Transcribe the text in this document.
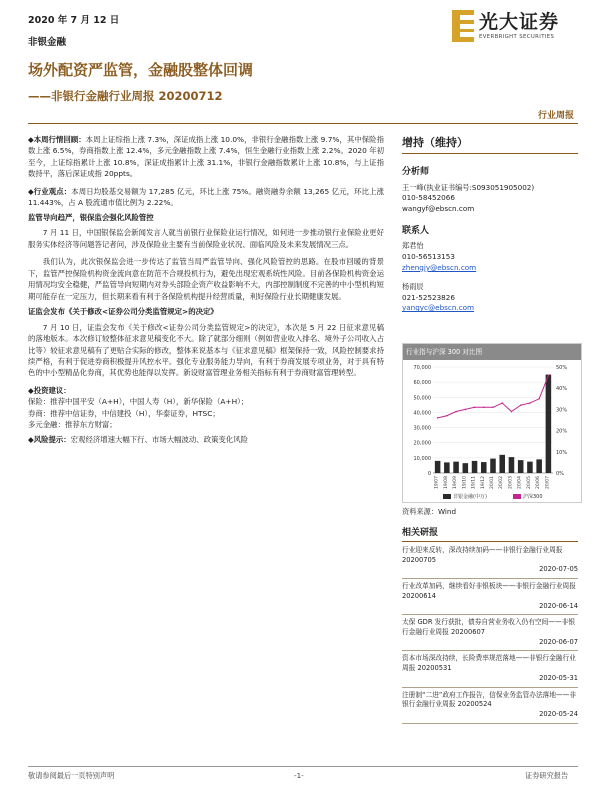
2020 年 7 月 12 日
非银金融
光大证券
EVERBRIGHT SECURITIES
场外配资严监管，金融股整体回调
——非银行金融行业周报 20200712
行业周报

◆本周行情回顾：本周上证综指上涨 7.3%，深证成指上涨 10.0%，非银行金融指数上涨 9.7%，其中保险指数上涨 6.5%，券商指数上涨 12.4%，多元金融指数上涨 7.4%，恒生金融行业指数上涨 2.2%。2020 年初至今，上证综指累计上涨 10.8%，深证成指累计上涨 31.1%，非银行金融指数累计上涨 10.8%，与上证指数持平，落后深证成指 20ppts。

◆行业观点：本周日均股基交易额为 17,285 亿元，环比上涨 75%。融资融券余额 13,265 亿元，环比上涨 11.443%，占 A 股流通市值比例为 2.22%。

监管导向趋严，银保监会强化风险管控

7 月 11 日，中国银保监会新闻发言人就当前银行业保险业运行情况，如何进一步推动银行业保险业更好服务实体经济等问题答记者问，涉及保险业主要有当前保险业状况、面临风险及未来发展情况三点。

我们认为，此次银保监会进一步传达了监管当局严监管导向、强化风险管控的思路。在股市回暖的背景下，监管严控保险机构资金流向意在防范不合规投机行为，避免出现宏观系统性风险。目前各保险机构资金运用情况均安全稳健，严监管导向短期内对券头部险企资产收益影响不大，内部控制制度不完善的中小型机构短期可能存在一定压力，但长期来看有利于各保险机构提升经营质量，利好保险行业长期健康发展。

证监会发布《关于修改<证券公司分类监管规定>的决定》

7 月 10 日，证监会发布《关于修改<证券公司分类监管规定>的决定》，本次是 5 月 22 日征求意见稿的落地版本。本次修订较整体征求意见稿变化不大。除了就部分细则（例如营业收入排名、境外子公司收入占比等）较征求意见稿有了更贴合实际的修改，整体来说基本与《征求意见稿》框架保持一致，风险控制要求持续严格，有利于促进券商积极提升风控水平。强化专业服务能力导向，有利于券商发展专项业务，对于具有特色的中小型精品化券商，其优势也能得以发挥。新设财富管理业务相关指标有利于券商财富管理转型。

◆投资建议：

保险：推荐中国平安（A+H），中国人寿（H），新华保险（A+H）；

券商：推荐中信证券，中信建投（H），华泰证券，HTSC；

多元金融：推荐东方财富；

◆风险提示：宏观经济增速大幅下行、市场大幅波动、政策变化风险

增持（维持）
分析师
王一峰(执业证书编号:S093051905002)
010-58452066
wangyf@ebscn.com
联系人
郑君怡
010-56513153
zhengjy@ebscn.com
杨雨辰
021-52523826
yangyc@ebscn.com
行业指与沪深 300 对比图
0
10,000
20,000
30,000
40,000
50,000
60,000
70,000
0%
10%
20%
30%
40%
50%
19/07 19/08 19/09 19/10 19/11 19/12 20/01 20/02 20/03 20/04 20/05 20/06 20/07
非银金融(中万)	沪深300
资料来源：Wind
相关研报
行业迎来反转，深改持续加码——非银行金融行业周报 20200705
2020-07-05
行业改革加码，继续看好非银板块——非银行金融行业周报 20200614
2020-06-14
太保 GDR 发行获批，债券自营业务收入仍有空间——非银行金融行业周报 20200607
2020-06-07
资本市场深改持续，长险费率规范落地——非银行金融行业周报 20200531
2020-05-31
注册制“二进”政府工作报告，信保业务监管办法落地——非银行金融行业周报 20200524
2020-05-24
敬请参阅最后一页特别声明	-1-	证券研究报告
